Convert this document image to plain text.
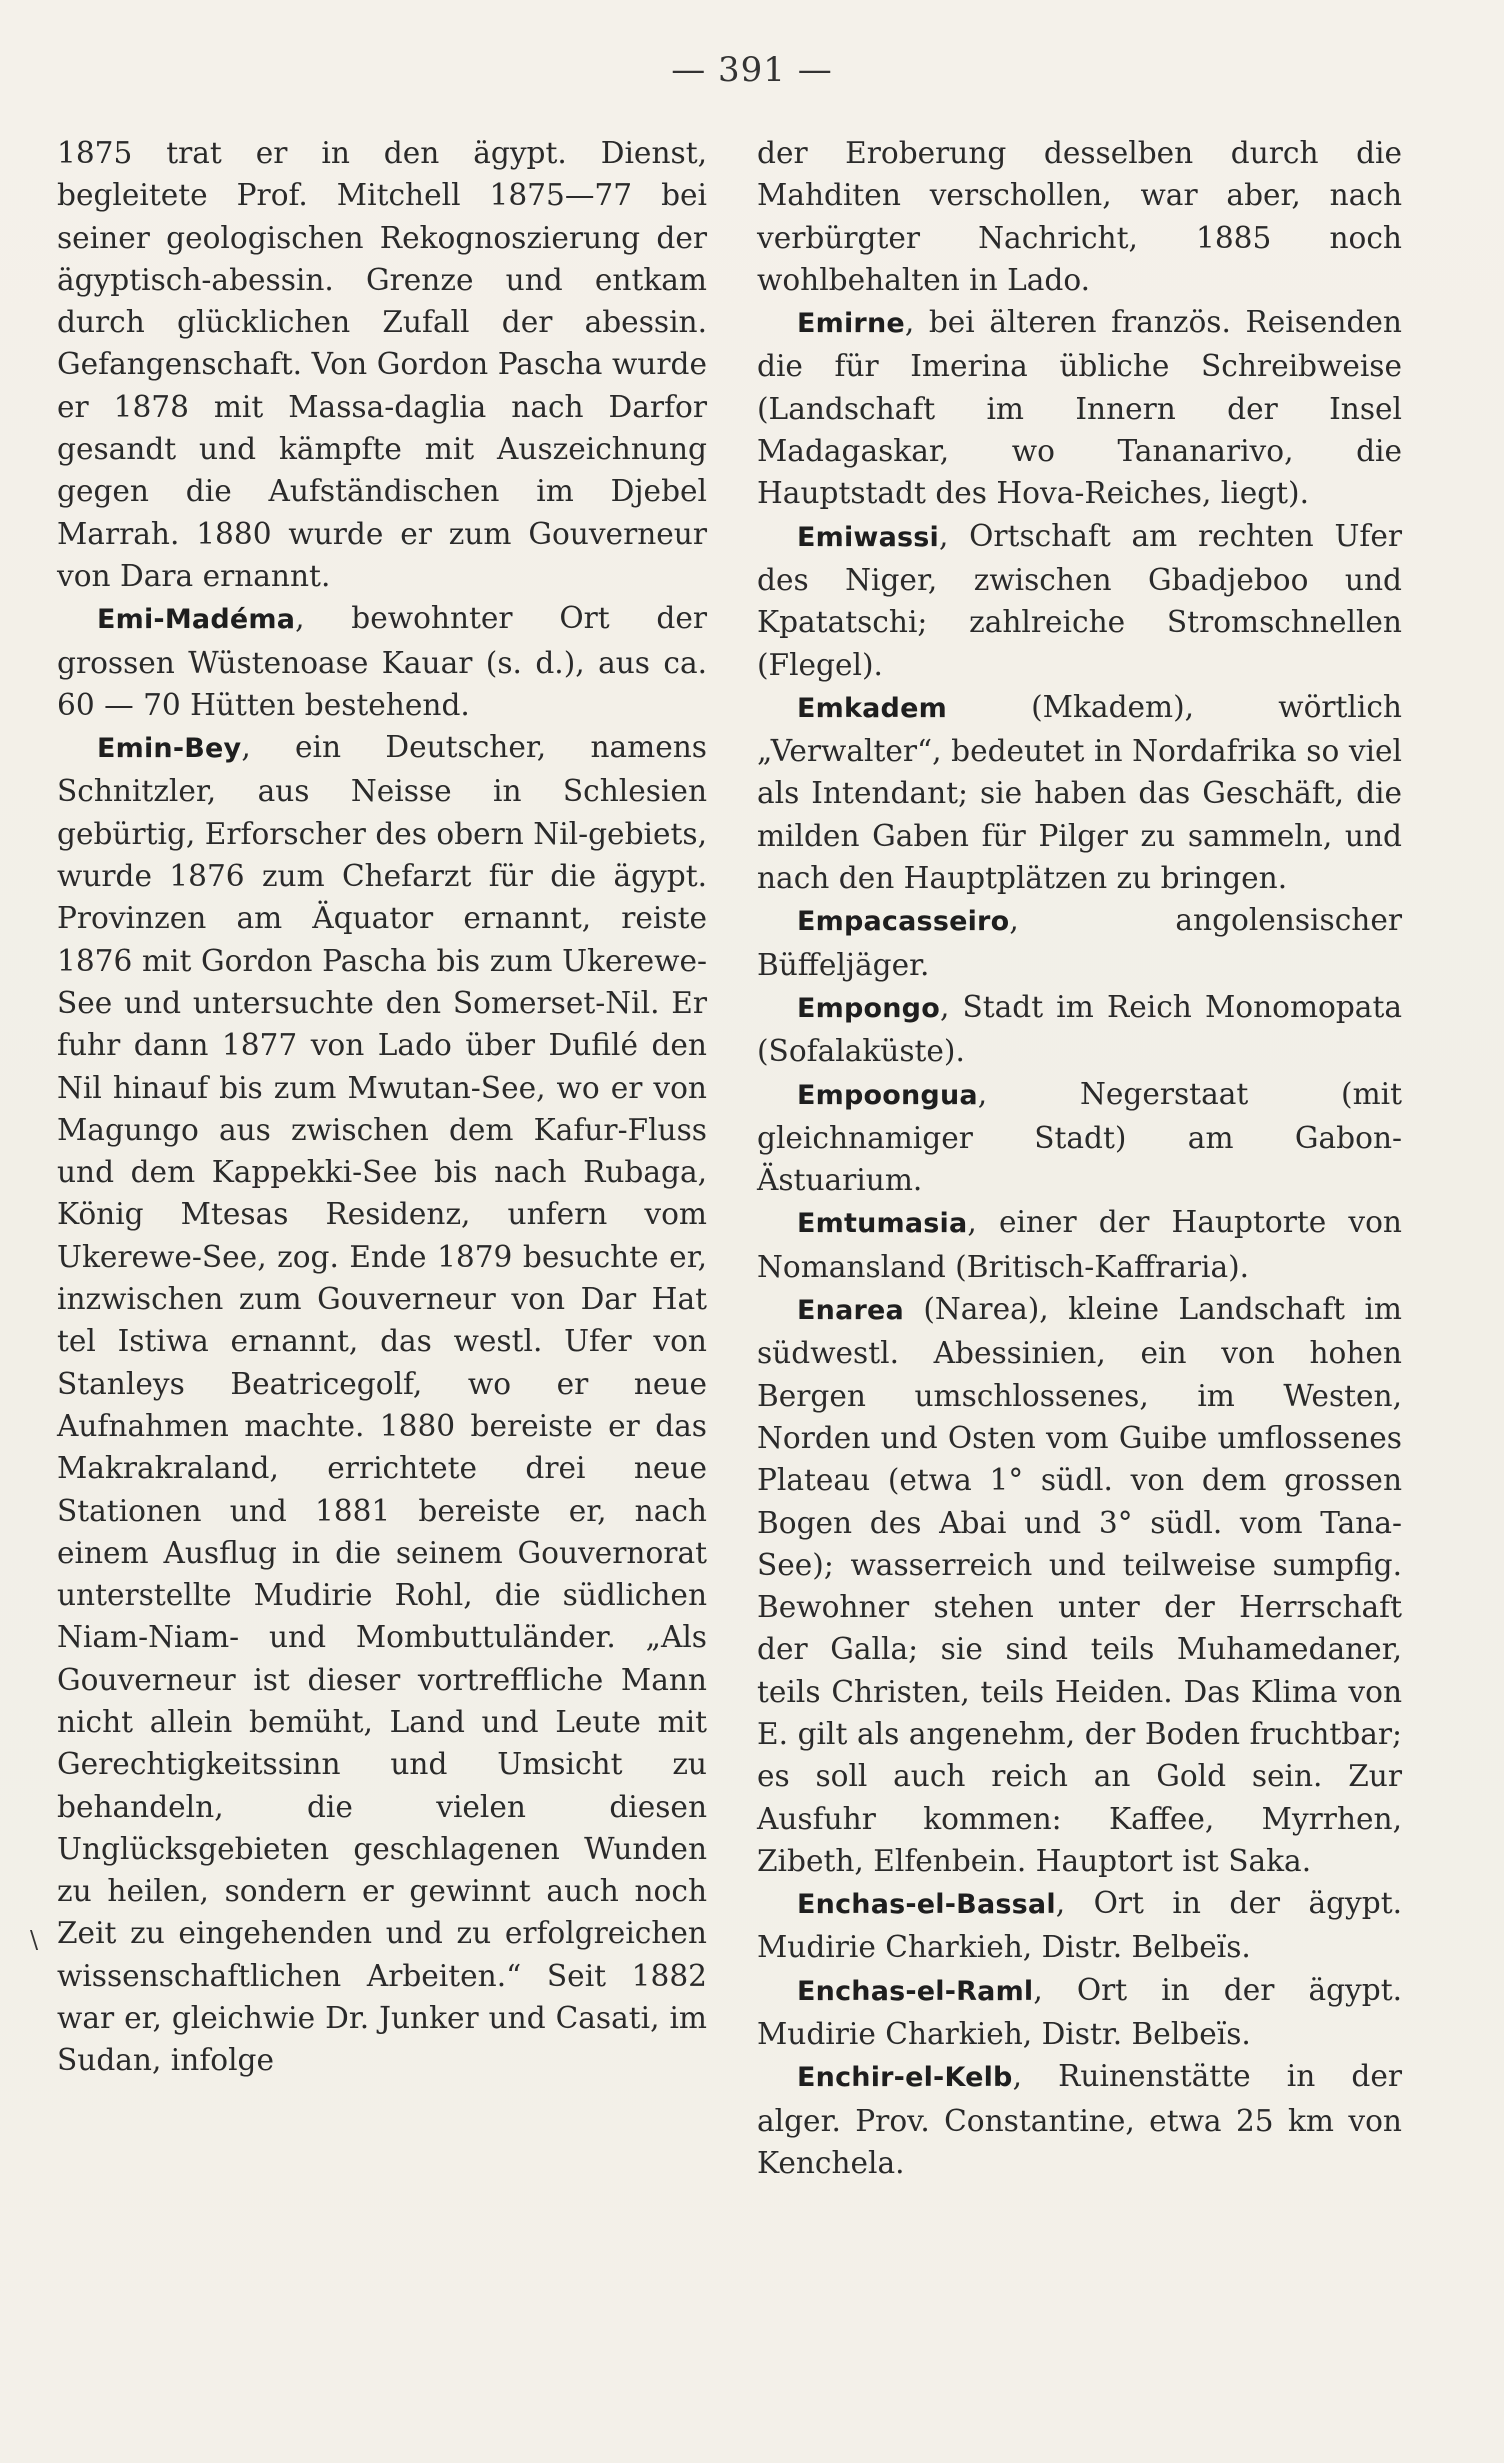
— 391 —
\

1875 trat er in den ägypt. Dienst, begleitete Prof. Mitchell 1875—77 bei seiner geologischen Rekognoszierung der ägyptisch-abessin. Grenze und entkam durch glücklichen Zufall der abessin. Gefangenschaft. Von Gordon Pascha wurde er 1878 mit Massa-daglia nach Darfor gesandt und kämpfte mit Auszeichnung gegen die Aufständischen im Djebel Marrah. 1880 wurde er zum Gouverneur von Dara ernannt.

Emi-Madéma, bewohnter Ort der grossen Wüstenoase Kauar (s. d.), aus ca. 60 — 70 Hütten bestehend.

Emin-Bey, ein Deutscher, namens Schnitzler, aus Neisse in Schlesien gebürtig, Erforscher des obern Nil-gebiets, wurde 1876 zum Chefarzt für die ägypt. Provinzen am Äquator ernannt, reiste 1876 mit Gordon Pascha bis zum Ukerewe-See und untersuchte den Somerset-Nil. Er fuhr dann 1877 von Lado über Dufilé den Nil hinauf bis zum Mwutan-See, wo er von Magungo aus zwischen dem Kafur-Fluss und dem Kappekki-See bis nach Rubaga, König Mtesas Residenz, unfern vom Ukerewe-See, zog. Ende 1879 besuchte er, inzwischen zum Gouverneur von Dar Hat tel Istiwa ernannt, das westl. Ufer von Stanleys Beatricegolf, wo er neue Aufnahmen machte. 1880 bereiste er das Makrakraland, errichtete drei neue Stationen und 1881 bereiste er, nach einem Ausflug in die seinem Gouvernorat unterstellte Mudirie Rohl, die südlichen Niam-Niam- und Mombuttuländer. „Als Gouverneur ist dieser vortreffliche Mann nicht allein bemüht, Land und Leute mit Gerechtigkeitssinn und Umsicht zu behandeln, die vielen diesen Unglücksgebieten geschlagenen Wunden zu heilen, sondern er gewinnt auch noch Zeit zu eingehenden und zu erfolgreichen wissenschaftlichen Arbeiten.“ Seit 1882 war er, gleichwie Dr. Junker und Casati, im Sudan, infolge

der Eroberung desselben durch die Mahditen verschollen, war aber, nach verbürgter Nachricht, 1885 noch wohlbehalten in Lado.

Emirne, bei älteren französ. Reisenden die für Imerina übliche Schreibweise (Landschaft im Innern der Insel Madagaskar, wo Tananarivo, die Hauptstadt des Hova-Reiches, liegt).

Emiwassi, Ortschaft am rechten Ufer des Niger, zwischen Gbadjeboo und Kpatatschi; zahlreiche Stromschnellen (Flegel).

Emkadem (Mkadem), wörtlich „Verwalter“, bedeutet in Nordafrika so viel als Intendant; sie haben das Geschäft, die milden Gaben für Pilger zu sammeln, und nach den Hauptplätzen zu bringen.

Empacasseiro, angolensischer Büffeljäger.

Empongo, Stadt im Reich Monomopata (Sofalaküste).

Empoongua, Negerstaat (mit gleichnamiger Stadt) am Gabon-Ästuarium.

Emtumasia, einer der Hauptorte von Nomansland (Britisch-Kaffraria).

Enarea (Narea), kleine Landschaft im südwestl. Abessinien, ein von hohen Bergen umschlossenes, im Westen, Norden und Osten vom Guibe umflossenes Plateau (etwa 1° südl. von dem grossen Bogen des Abai und 3° südl. vom Tana-See); wasserreich und teilweise sumpfig. Bewohner stehen unter der Herrschaft der Galla; sie sind teils Muhamedaner, teils Christen, teils Heiden. Das Klima von E. gilt als angenehm, der Boden fruchtbar; es soll auch reich an Gold sein. Zur Ausfuhr kommen: Kaffee, Myrrhen, Zibeth, Elfenbein. Hauptort ist Saka.

Enchas-el-Bassal, Ort in der ägypt. Mudirie Charkieh, Distr. Belbeïs.

Enchas-el-Raml, Ort in der ägypt. Mudirie Charkieh, Distr. Belbeïs.

Enchir-el-Kelb, Ruinenstätte in der alger. Prov. Constantine, etwa 25 km von Kenchela.
